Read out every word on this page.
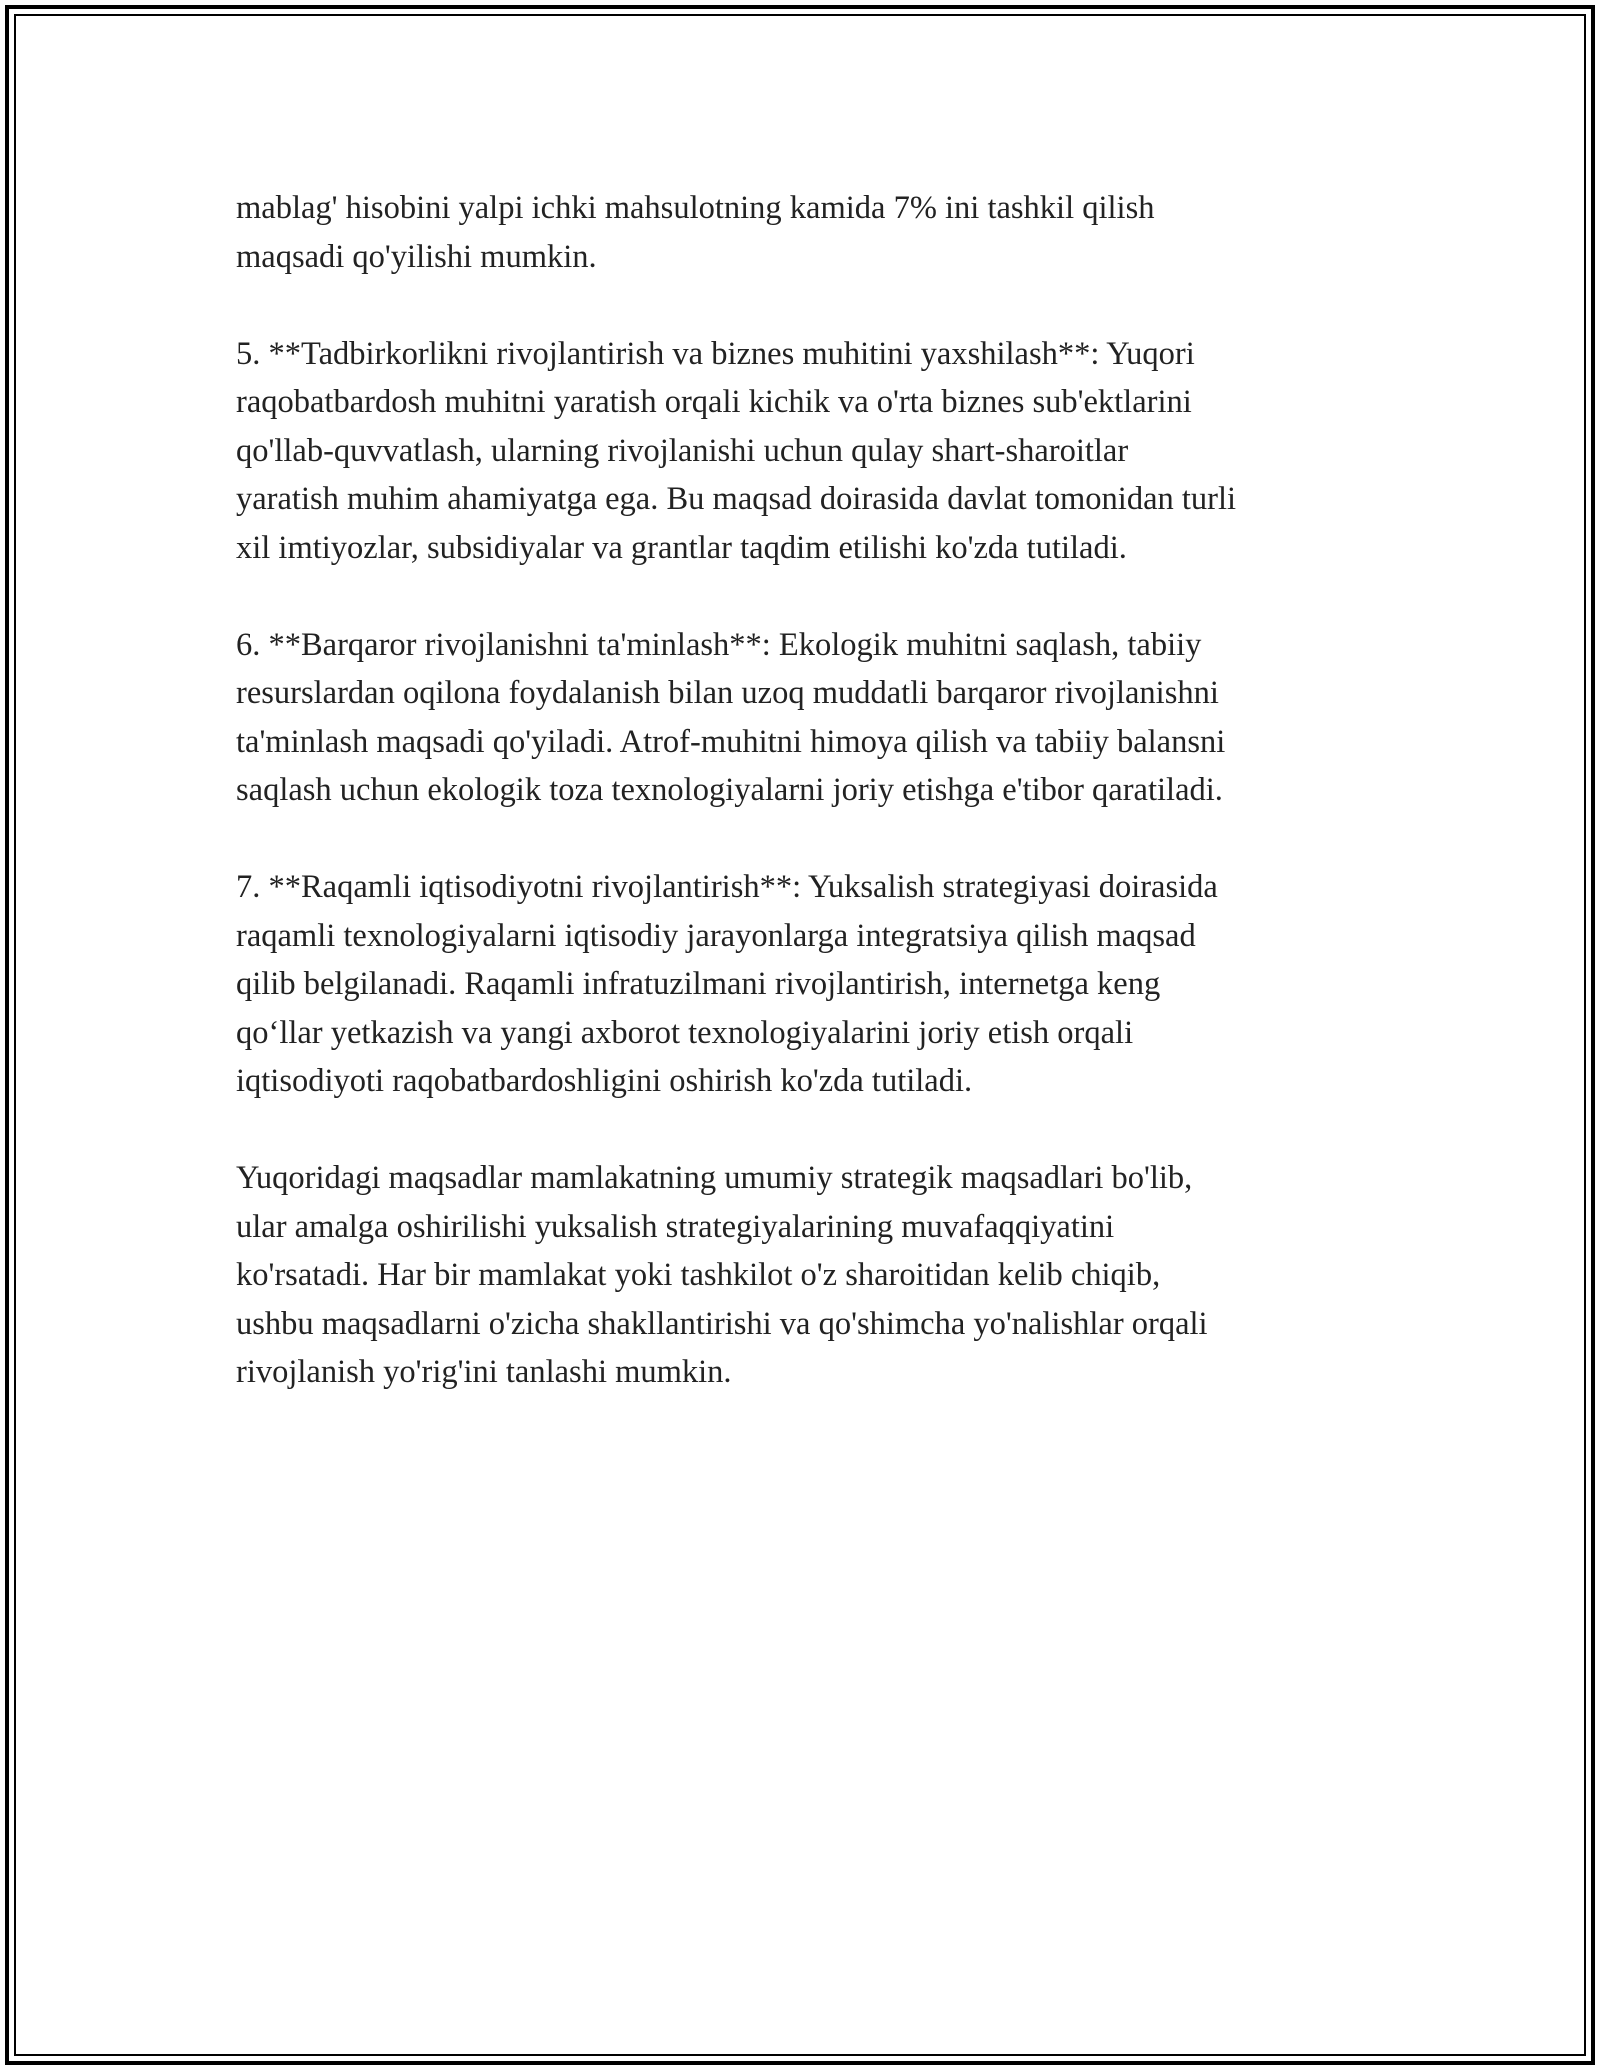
mablag' hisobini yalpi ichki mahsulotning kamida 7% ini tashkil qilish
maqsadi qo'yilishi mumkin.

5. **Tadbirkorlikni rivojlantirish va biznes muhitini yaxshilash**: Yuqori
raqobatbardosh muhitni yaratish orqali kichik va o'rta biznes sub'ektlarini
qo'llab-quvvatlash, ularning rivojlanishi uchun qulay shart-sharoitlar
yaratish muhim ahamiyatga ega. Bu maqsad doirasida davlat tomonidan turli
xil imtiyozlar, subsidiyalar va grantlar taqdim etilishi ko'zda tutiladi.

6. **Barqaror rivojlanishni ta'minlash**: Ekologik muhitni saqlash, tabiiy
resurslardan oqilona foydalanish bilan uzoq muddatli barqaror rivojlanishni
ta'minlash maqsadi qo'yiladi. Atrof-muhitni himoya qilish va tabiiy balansni
saqlash uchun ekologik toza texnologiyalarni joriy etishga e'tibor qaratiladi.

7. **Raqamli iqtisodiyotni rivojlantirish**: Yuksalish strategiyasi doirasida
raqamli texnologiyalarni iqtisodiy jarayonlarga integratsiya qilish maqsad
qilib belgilanadi. Raqamli infratuzilmani rivojlantirish, internetga keng
qo‘llar yetkazish va yangi axborot texnologiyalarini joriy etish orqali
iqtisodiyoti raqobatbardoshligini oshirish ko'zda tutiladi.

Yuqoridagi maqsadlar mamlakatning umumiy strategik maqsadlari bo'lib,
ular amalga oshirilishi yuksalish strategiyalarining muvafaqqiyatini
ko'rsatadi. Har bir mamlakat yoki tashkilot o'z sharoitidan kelib chiqib,
ushbu maqsadlarni o'zicha shakllantirishi va qo'shimcha yo'nalishlar orqali
rivojlanish yo'rig'ini tanlashi mumkin.
